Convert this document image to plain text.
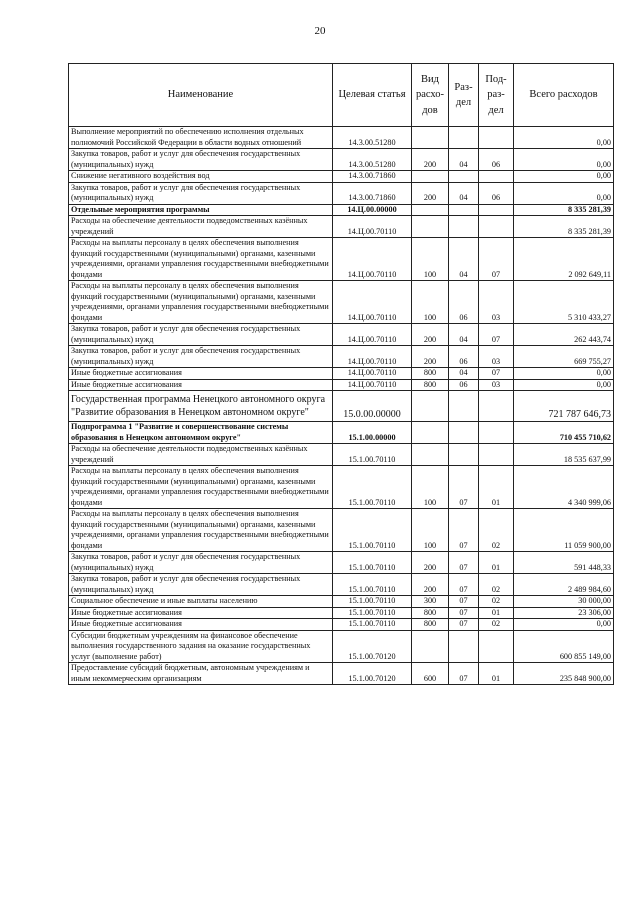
20
Наименование	Целевая статья	Вид расхо-дов	Раз-дел	Под-раз-дел	Всего расходов
Выполнение мероприятий по обеспечению исполнения отдельных полномочий Российской Федерации в области водных отношений	14.3.00.51280				0,00
Закупка товаров, работ и услуг для обеспечения государственных (муниципальных) нужд	14.3.00.51280	200	04	06	0,00
Снижение негативного воздействия вод	14.3.00.71860				0,00
Закупка товаров, работ и услуг для обеспечения государственных (муниципальных) нужд	14.3.00.71860	200	04	06	0,00
Отдельные мероприятия программы	14.Ц.00.00000				8 335 281,39
Расходы на обеспечение деятельности подведомственных казённых учреждений	14.Ц.00.70110				8 335 281,39
Расходы на выплаты персоналу в целях обеспечения выполнения функций государственными (муниципальными) органами, казенными учреждениями, органами управления государственными внебюджетными фондами	14.Ц.00.70110	100	04	07	2 092 649,11
Расходы на выплаты персоналу в целях обеспечения выполнения функций государственными (муниципальными) органами, казенными учреждениями, органами управления государственными внебюджетными фондами	14.Ц.00.70110	100	06	03	5 310 433,27
Закупка товаров, работ и услуг для обеспечения государственных (муниципальных) нужд	14.Ц.00.70110	200	04	07	262 443,74
Закупка товаров, работ и услуг для обеспечения государственных (муниципальных) нужд	14.Ц.00.70110	200	06	03	669 755,27
Иные бюджетные ассигнования	14.Ц.00.70110	800	04	07	0,00
Иные бюджетные ассигнования	14.Ц.00.70110	800	06	03	0,00
Государственная программа Ненецкого автономного округа "Развитие образования в Ненецком автономном округе"	15.0.00.00000				721 787 646,73
Подпрограмма 1 "Развитие и совершенствование системы образования в Ненецком автономном округе"	15.1.00.00000				710 455 710,62
Расходы на обеспечение деятельности подведомственных казённых учреждений	15.1.00.70110				18 535 637,99
Расходы на выплаты персоналу в целях обеспечения выполнения функций государственными (муниципальными) органами, казенными учреждениями, органами управления государственными внебюджетными фондами	15.1.00.70110	100	07	01	4 340 999,06
Расходы на выплаты персоналу в целях обеспечения выполнения функций государственными (муниципальными) органами, казенными учреждениями, органами управления государственными внебюджетными фондами	15.1.00.70110	100	07	02	11 059 900,00
Закупка товаров, работ и услуг для обеспечения государственных (муниципальных) нужд	15.1.00.70110	200	07	01	591 448,33
Закупка товаров, работ и услуг для обеспечения государственных (муниципальных) нужд	15.1.00.70110	200	07	02	2 489 984,60
Социальное обеспечение и иные выплаты населению	15.1.00.70110	300	07	02	30 000,00
Иные бюджетные ассигнования	15.1.00.70110	800	07	01	23 306,00
Иные бюджетные ассигнования	15.1.00.70110	800	07	02	0,00
Субсидии бюджетным учреждениям на финансовое обеспечение выполнения государственного задания на оказание государственных услуг (выполнение работ)	15.1.00.70120				600 855 149,00
Предоставление субсидий бюджетным, автономным учреждениям и иным некоммерческим организациям	15.1.00.70120	600	07	01	235 848 900,00
